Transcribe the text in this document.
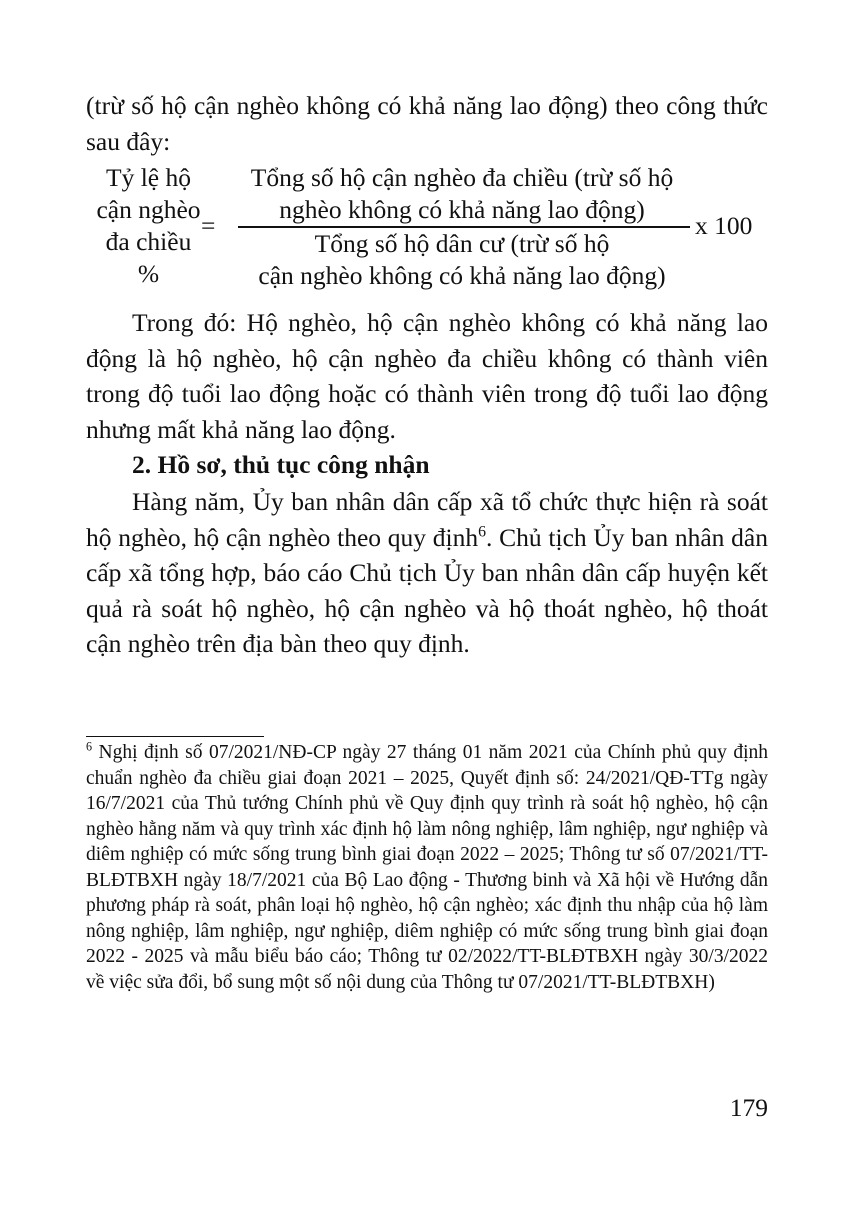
(trừ số hộ cận nghèo không có khả năng lao động) theo công thức sau đây:
Tỷ lệ hộ
cận nghèo
đa chiều
%
=
Tổng số hộ cận nghèo đa chiều (trừ số hộ
nghèo không có khả năng lao động)
Tổng số hộ dân cư (trừ số hộ
cận nghèo không có khả năng lao động)
x 100
Trong đó: Hộ nghèo, hộ cận nghèo không có khả năng lao động là hộ nghèo, hộ cận nghèo đa chiều không có thành viên trong độ tuổi lao động hoặc có thành viên trong độ tuổi lao động nhưng mất khả năng lao động.
2. Hồ sơ, thủ tục công nhận
Hàng năm, Ủy ban nhân dân cấp xã tổ chức thực hiện rà soát hộ nghèo, hộ cận nghèo theo quy định$^6$. Chủ tịch Ủy ban nhân dân cấp xã tổng hợp, báo cáo Chủ tịch Ủy ban nhân dân cấp huyện kết quả rà soát hộ nghèo, hộ cận nghèo và hộ thoát nghèo, hộ thoát cận nghèo trên địa bàn theo quy định.
$^6$ Nghị định số 07/2021/NĐ-CP ngày 27 tháng 01 năm 2021 của Chính phủ quy định chuẩn nghèo đa chiều giai đoạn 2021 – 2025, Quyết định số: 24/2021/QĐ-TTg ngày 16/7/2021 của Thủ tướng Chính phủ về Quy định quy trình rà soát hộ nghèo, hộ cận nghèo hằng năm và quy trình xác định hộ làm nông nghiệp, lâm nghiệp, ngư nghiệp và diêm nghiệp có mức sống trung bình giai đoạn 2022 – 2025; Thông tư số 07/2021/TT-BLĐTBXH ngày 18/7/2021 của Bộ Lao động - Thương binh và Xã hội về Hướng dẫn phương pháp rà soát, phân loại hộ nghèo, hộ cận nghèo; xác định thu nhập của hộ làm nông nghiệp, lâm nghiệp, ngư nghiệp, diêm nghiệp có mức sống trung bình giai đoạn 2022 - 2025 và mẫu biểu báo cáo; Thông tư 02/2022/TT-BLĐTBXH ngày 30/3/2022 về việc sửa đổi, bổ sung một số nội dung của Thông tư 07/2021/TT-BLĐTBXH)
179
